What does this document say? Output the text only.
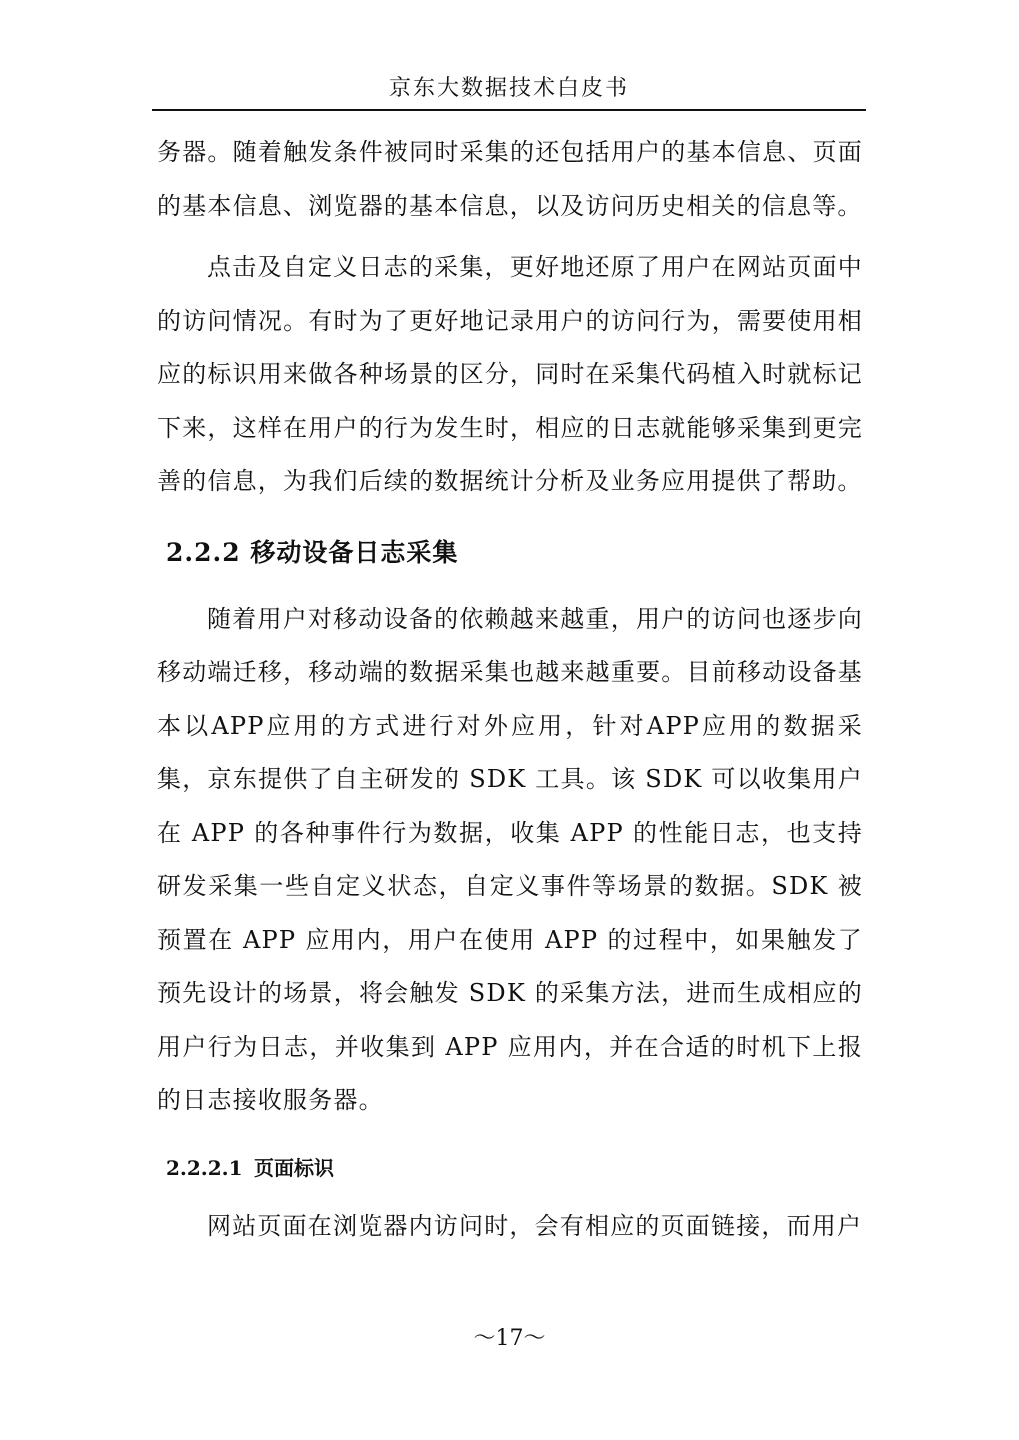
京东大数据技术白皮书

务器。随着触发条件被同时采集的还包括用户的基本信息、页面的基本信息、浏览器的基本信息，以及访问历史相关的信息等。

点击及自定义日志的采集，更好地还原了用户在网站页面中的访问情况。有时为了更好地记录用户的访问行为，需要使用相应的标识用来做各种场景的区分，同时在采集代码植入时就标记下来，这样在用户的行为发生时，相应的日志就能够采集到更完善的信息，为我们后续的数据统计分析及业务应用提供了帮助。

2.2.2 移动设备日志采集

随着用户对移动设备的依赖越来越重，用户的访问也逐步向移动端迁移，移动端的数据采集也越来越重要。目前移动设备基本以APP应用的方式进行对外应用，针对APP应用的数据采集，京东提供了自主研发的 SDK 工具。该 SDK 可以收集用户在 APP 的各种事件行为数据，收集 APP 的性能日志，也支持研发采集一些自定义状态，自定义事件等场景的数据。SDK 被预置在 APP 应用内，用户在使用 APP 的过程中，如果触发了预先设计的场景，将会触发 SDK 的采集方法，进而生成相应的用户行为日志，并收集到 APP 应用内，并在合适的时机下上报的日志接收服务器。

2.2.2.1 页面标识

网站页面在浏览器内访问时，会有相应的页面链接，而用户

～17～
